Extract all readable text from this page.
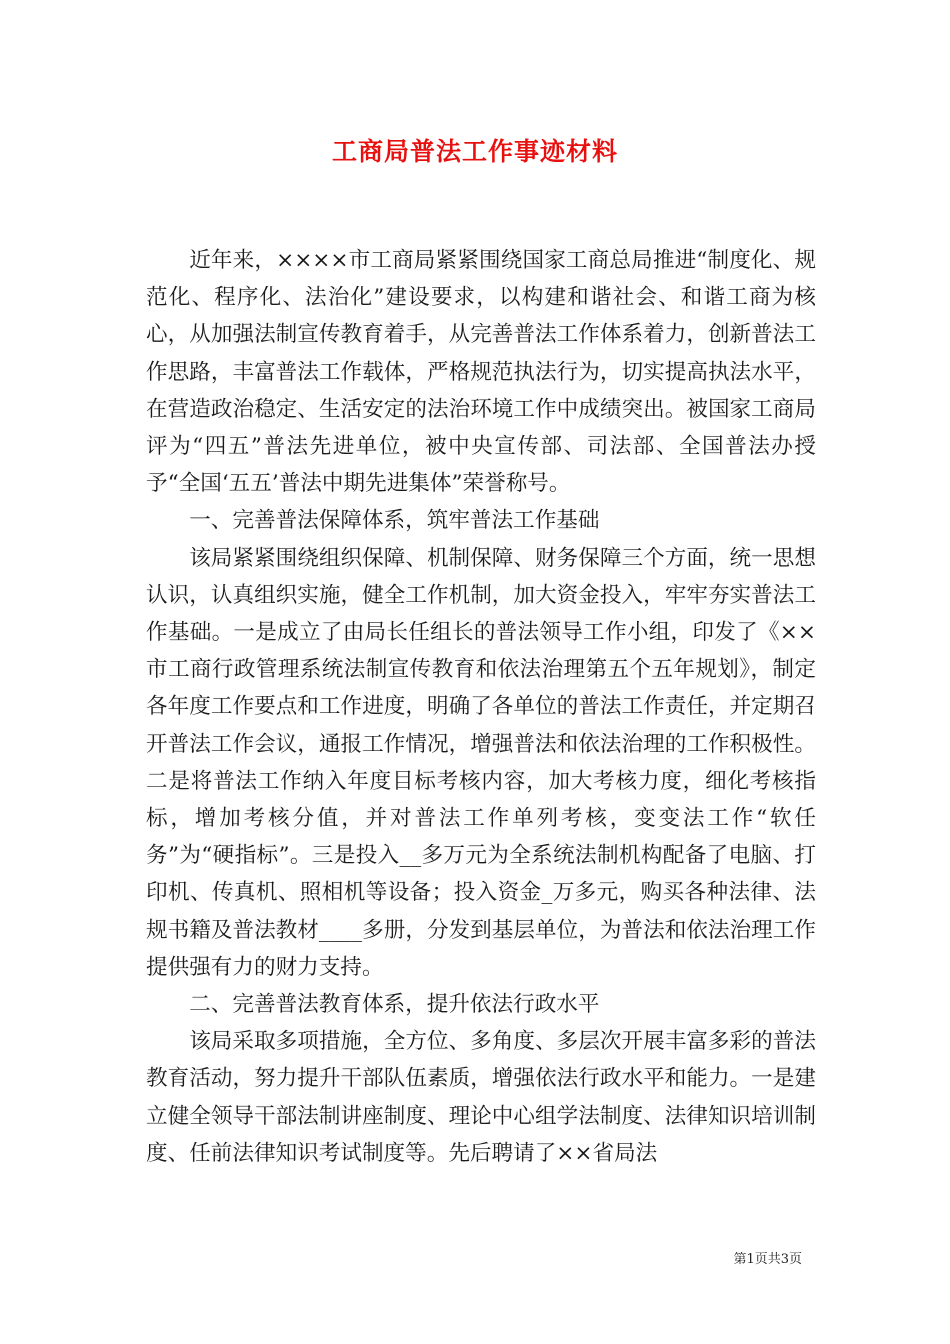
工商局普法工作事迹材料

近年来，××××市工商局紧紧围绕国家工商总局推进“制度化、规范化、程序化、法治化”建设要求，以构建和谐社会、和谐工商为核心，从加强法制宣传教育着手，从完善普法工作体系着力，创新普法工作思路，丰富普法工作载体，严格规范执法行为，切实提高执法水平，在营造政治稳定、生活安定的法治环境工作中成绩突出。被国家工商局评为“四五”普法先进单位，被中央宣传部、司法部、全国普法办授予“全国‘五五’普法中期先进集体”荣誉称号。

一、完善普法保障体系，筑牢普法工作基础

该局紧紧围绕组织保障、机制保障、财务保障三个方面，统一思想认识，认真组织实施，健全工作机制，加大资金投入，牢牢夯实普法工作基础。一是成立了由局长任组长的普法领导工作小组，印发了《××市工商行政管理系统法制宣传教育和依法治理第五个五年规划》，制定各年度工作要点和工作进度，明确了各单位的普法工作责任，并定期召开普法工作会议，通报工作情况，增强普法和依法治理的工作积极性。二是将普法工作纳入年度目标考核内容，加大考核力度，细化考核指标，增加考核分值，并对普法工作单列考核，变变法工作“软任务”为“硬指标”。三是投入__多万元为全系统法制机构配备了电脑、打印机、传真机、照相机等设备；投入资金_万多元，购买各种法律、法规书籍及普法教材____多册，分发到基层单位，为普法和依法治理工作提供强有力的财力支持。

二、完善普法教育体系，提升依法行政水平

该局采取多项措施，全方位、多角度、多层次开展丰富多彩的普法教育活动，努力提升干部队伍素质，增强依法行政水平和能力。一是建立健全领导干部法制讲座制度、理论中心组学法制度、法律知识培训制度、任前法律知识考试制度等。先后聘请了××省局法

第1页共3页
